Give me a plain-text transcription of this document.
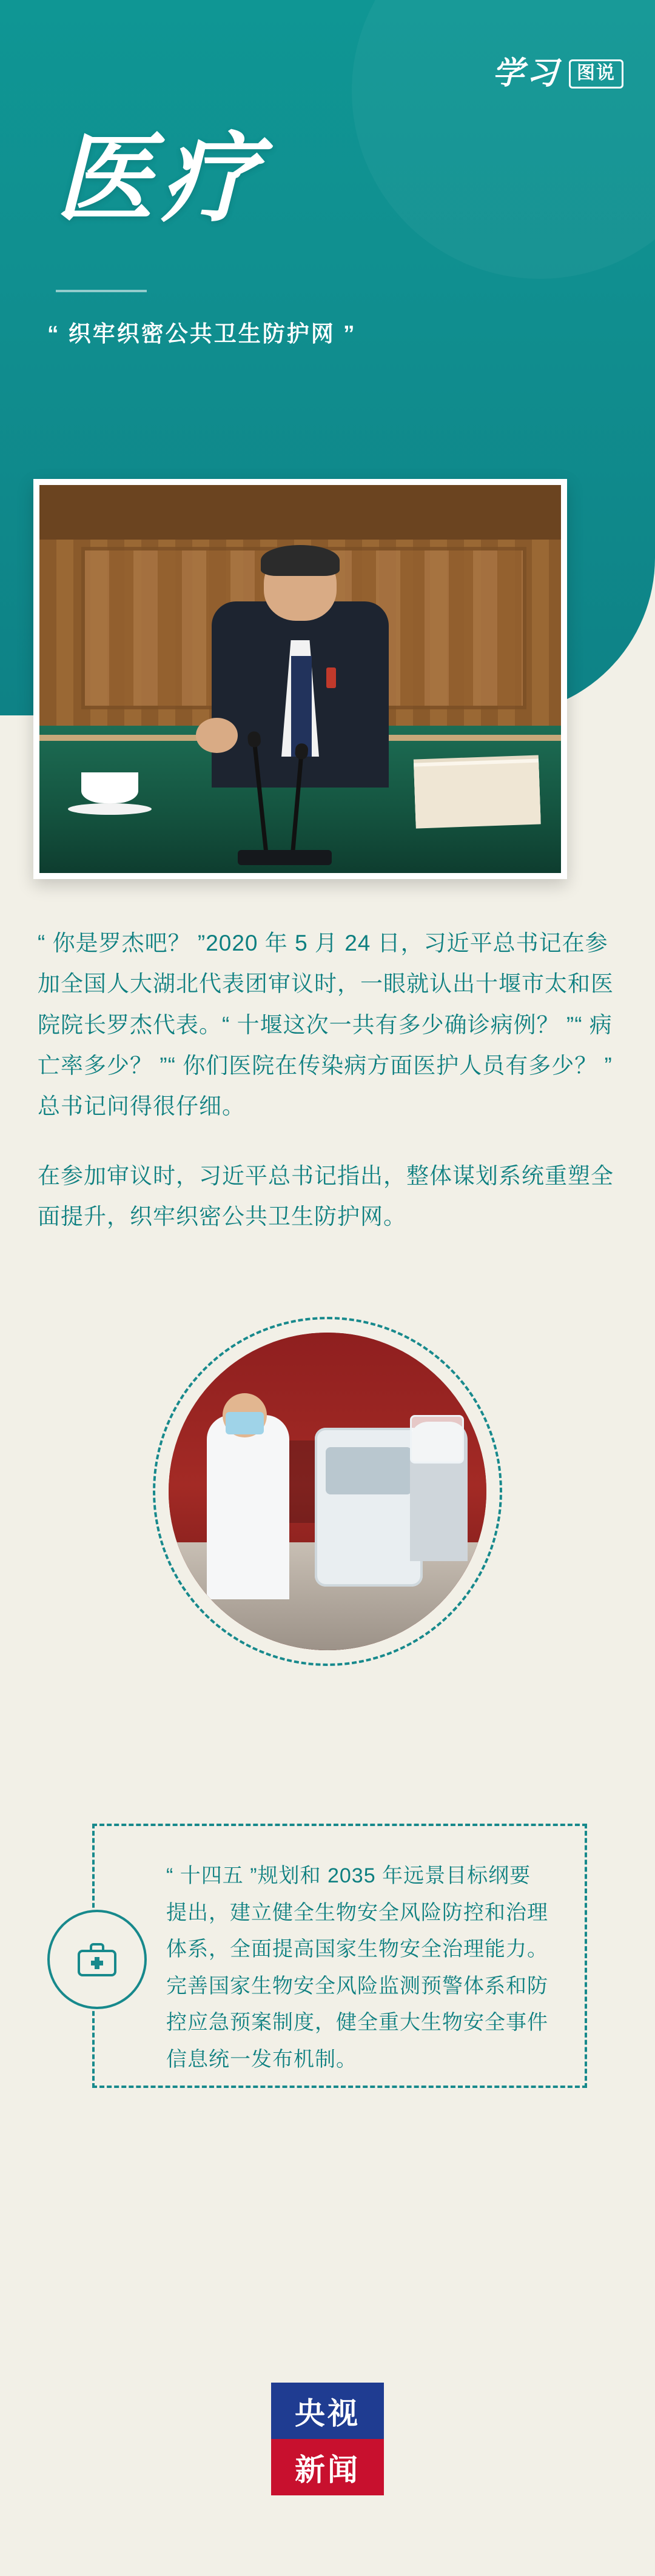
学习 图说
医疗
“ 织牢织密公共卫生防护网 ”
“ 你是罗杰吧？ ”2020 年 5 月 24 日，习近平总书记在参加全国人大湖北代表团审议时，一眼就认出十堰市太和医院院长罗杰代表。“ 十堰这次一共有多少确诊病例？ ”“ 病亡率多少？ ”“ 你们医院在传染病方面医护人员有多少？ ” 总书记问得很仔细。
在参加审议时，习近平总书记指出，整体谋划系统重塑全面提升，织牢织密公共卫生防护网。
“ 十四五 ”规划和 2035 年远景目标纲要提出，建立健全生物安全风险防控和治理体系，全面提高国家生物安全治理能力。完善国家生物安全风险监测预警体系和防控应急预案制度，健全重大生物安全事件信息统一发布机制。
央视
新闻
